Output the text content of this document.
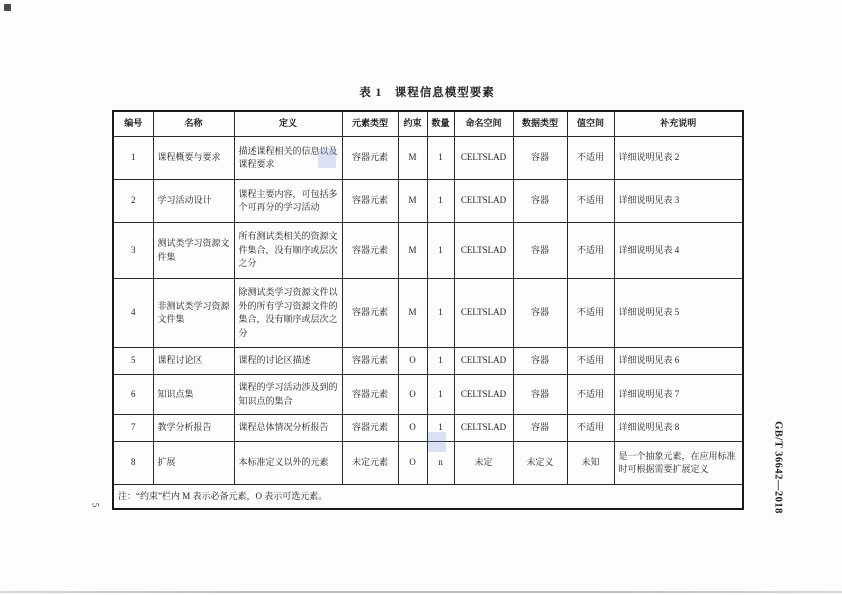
表 1　课程信息模型要素
编号	名称	定义	元素类型	约束	数量	命名空间	数据类型	值空间	补充说明
1	课程概要与要求	描述课程相关的信息以及课程要求	容器元素	M	1	CELTSLAD	容器	不适用	详细说明见表 2
2	学习活动设计	课程主要内容，可包括多个可再分的学习活动	容器元素	M	1	CELTSLAD	容器	不适用	详细说明见表 3
3	测试类学习资源文件集	所有测试类相关的资源文件集合，没有顺序或层次之分	容器元素	M	1	CELTSLAD	容器	不适用	详细说明见表 4
4	非测试类学习资源文件集	除测试类学习资源文件以外的所有学习资源文件的集合，没有顺序或层次之分	容器元素	M	1	CELTSLAD	容器	不适用	详细说明见表 5
5	课程讨论区	课程的讨论区描述	容器元素	O	1	CELTSLAD	容器	不适用	详细说明见表 6
6	知识点集	课程的学习活动涉及到的知识点的集合	容器元素	O	1	CELTSLAD	容器	不适用	详细说明见表 7
7	教学分析报告	课程总体情况分析报告	容器元素	O	1	CELTSLAD	容器	不适用	详细说明见表 8
8	扩展	本标准定义以外的元素	未定元素	O	n	未定	未定义	未知	是一个抽象元素，在应用标准时可根据需要扩展定义
注：“约束”栏内 M 表示必备元素，O 表示可选元素。										GB/T 36642—2018
5
